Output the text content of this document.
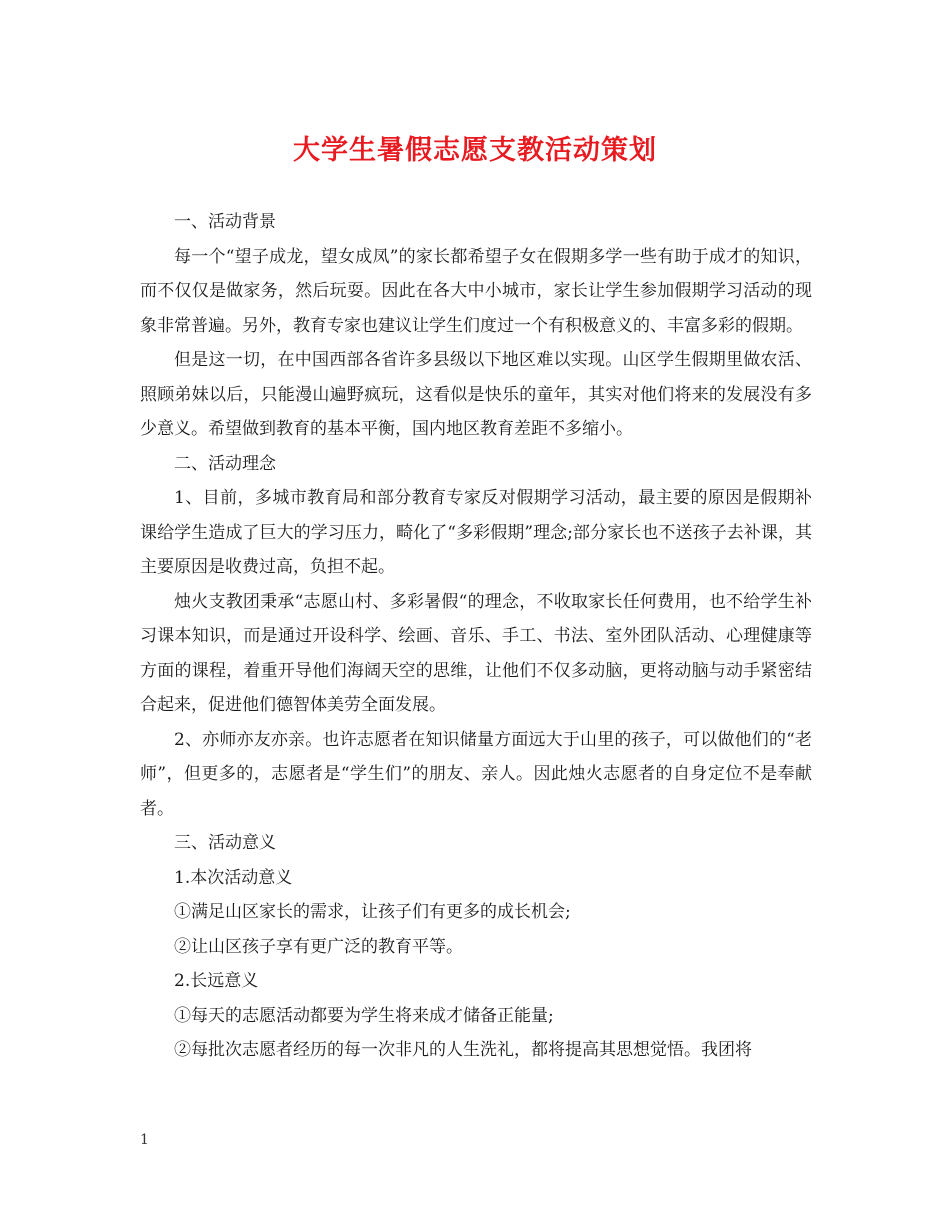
大学生暑假志愿支教活动策划

一、活动背景

每一个“望子成龙，望女成凤”的家长都希望子女在假期多学一些有助于成才的知识，而不仅仅是做家务，然后玩耍。因此在各大中小城市，家长让学生参加假期学习活动的现象非常普遍。另外，教育专家也建议让学生们度过一个有积极意义的、丰富多彩的假期。

但是这一切，在中国西部各省许多县级以下地区难以实现。山区学生假期里做农活、照顾弟妹以后，只能漫山遍野疯玩，这看似是快乐的童年，其实对他们将来的发展没有多少意义。希望做到教育的基本平衡，国内地区教育差距不多缩小。

二、活动理念

1、目前，多城市教育局和部分教育专家反对假期学习活动，最主要的原因是假期补课给学生造成了巨大的学习压力，畸化了“多彩假期”理念;部分家长也不送孩子去补课，其主要原因是收费过高，负担不起。

烛火支教团秉承“志愿山村、多彩暑假“的理念，不收取家长任何费用，也不给学生补习课本知识，而是通过开设科学、绘画、音乐、手工、书法、室外团队活动、心理健康等方面的课程，着重开导他们海阔天空的思维，让他们不仅多动脑，更将动脑与动手紧密结合起来，促进他们德智体美劳全面发展。

2、亦师亦友亦亲。也许志愿者在知识储量方面远大于山里的孩子，可以做他们的“老师”，但更多的，志愿者是“学生们”的朋友、亲人。因此烛火志愿者的自身定位不是奉献者。

三、活动意义

1.本次活动意义

①满足山区家长的需求，让孩子们有更多的成长机会;

②让山区孩子享有更广泛的教育平等。

2.长远意义

①每天的志愿活动都要为学生将来成才储备正能量;

②每批次志愿者经历的每一次非凡的人生洗礼，都将提高其思想觉悟。我团将

1
